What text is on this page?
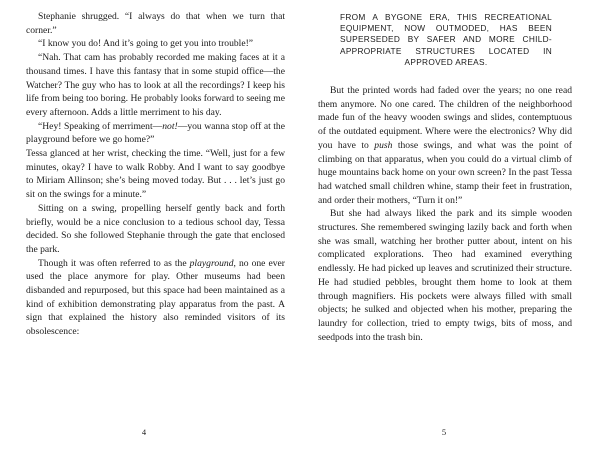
Stephanie shrugged. “I always do that when we turn that corner.”

“I know you do! And it’s going to get you into trouble!”

“Nah. That cam has probably recorded me making faces at it a thousand times. I have this fantasy that in some stupid office—the Watcher? The guy who has to look at all the recordings? I keep his life from being too boring. He probably looks forward to seeing me every afternoon. Adds a little merriment to his day.

“Hey! Speaking of merriment—not!—you wanna stop off at the playground before we go home?”

Tessa glanced at her wrist, checking the time. “Well, just for a few minutes, okay? I have to walk Robby. And I want to say goodbye to Miriam Allinson; she’s being moved today. But . . . let’s just go sit on the swings for a minute.”

Sitting on a swing, propelling herself gently back and forth briefly, would be a nice conclusion to a tedious school day, Tessa decided. So she followed Stephanie through the gate that enclosed the park.

Though it was often referred to as the playground, no one ever used the place anymore for play. Other museums had been disbanded and repurposed, but this space had been maintained as a kind of exhibition demonstrating play apparatus from the past. A sign that explained the history also reminded visitors of its obsolescence:

4

FROM A BYGONE ERA, THIS RECREATIONAL EQUIPMENT, NOW OUTMODED, HAS BEEN SUPERSEDED BY SAFER AND MORE CHILD-APPROPRIATE STRUCTURES LOCATED IN APPROVED AREAS.

But the printed words had faded over the years; no one read them anymore. No one cared. The children of the neighborhood made fun of the heavy wooden swings and slides, contemptuous of the outdated equipment. Where were the electronics? Why did you have to push those swings, and what was the point of climbing on that apparatus, when you could do a virtual climb of huge mountains back home on your own screen? In the past Tessa had watched small children whine, stamp their feet in frustration, and order their mothers, “Turn it on!”

But she had always liked the park and its simple wooden structures. She remembered swinging lazily back and forth when she was small, watching her brother putter about, intent on his complicated explorations. Theo had examined everything endlessly. He had picked up leaves and scrutinized their structure. He had studied pebbles, brought them home to look at them through magnifiers. His pockets were always filled with small objects; he sulked and objected when his mother, preparing the laundry for collection, tried to empty twigs, bits of moss, and seedpods into the trash bin.

5
